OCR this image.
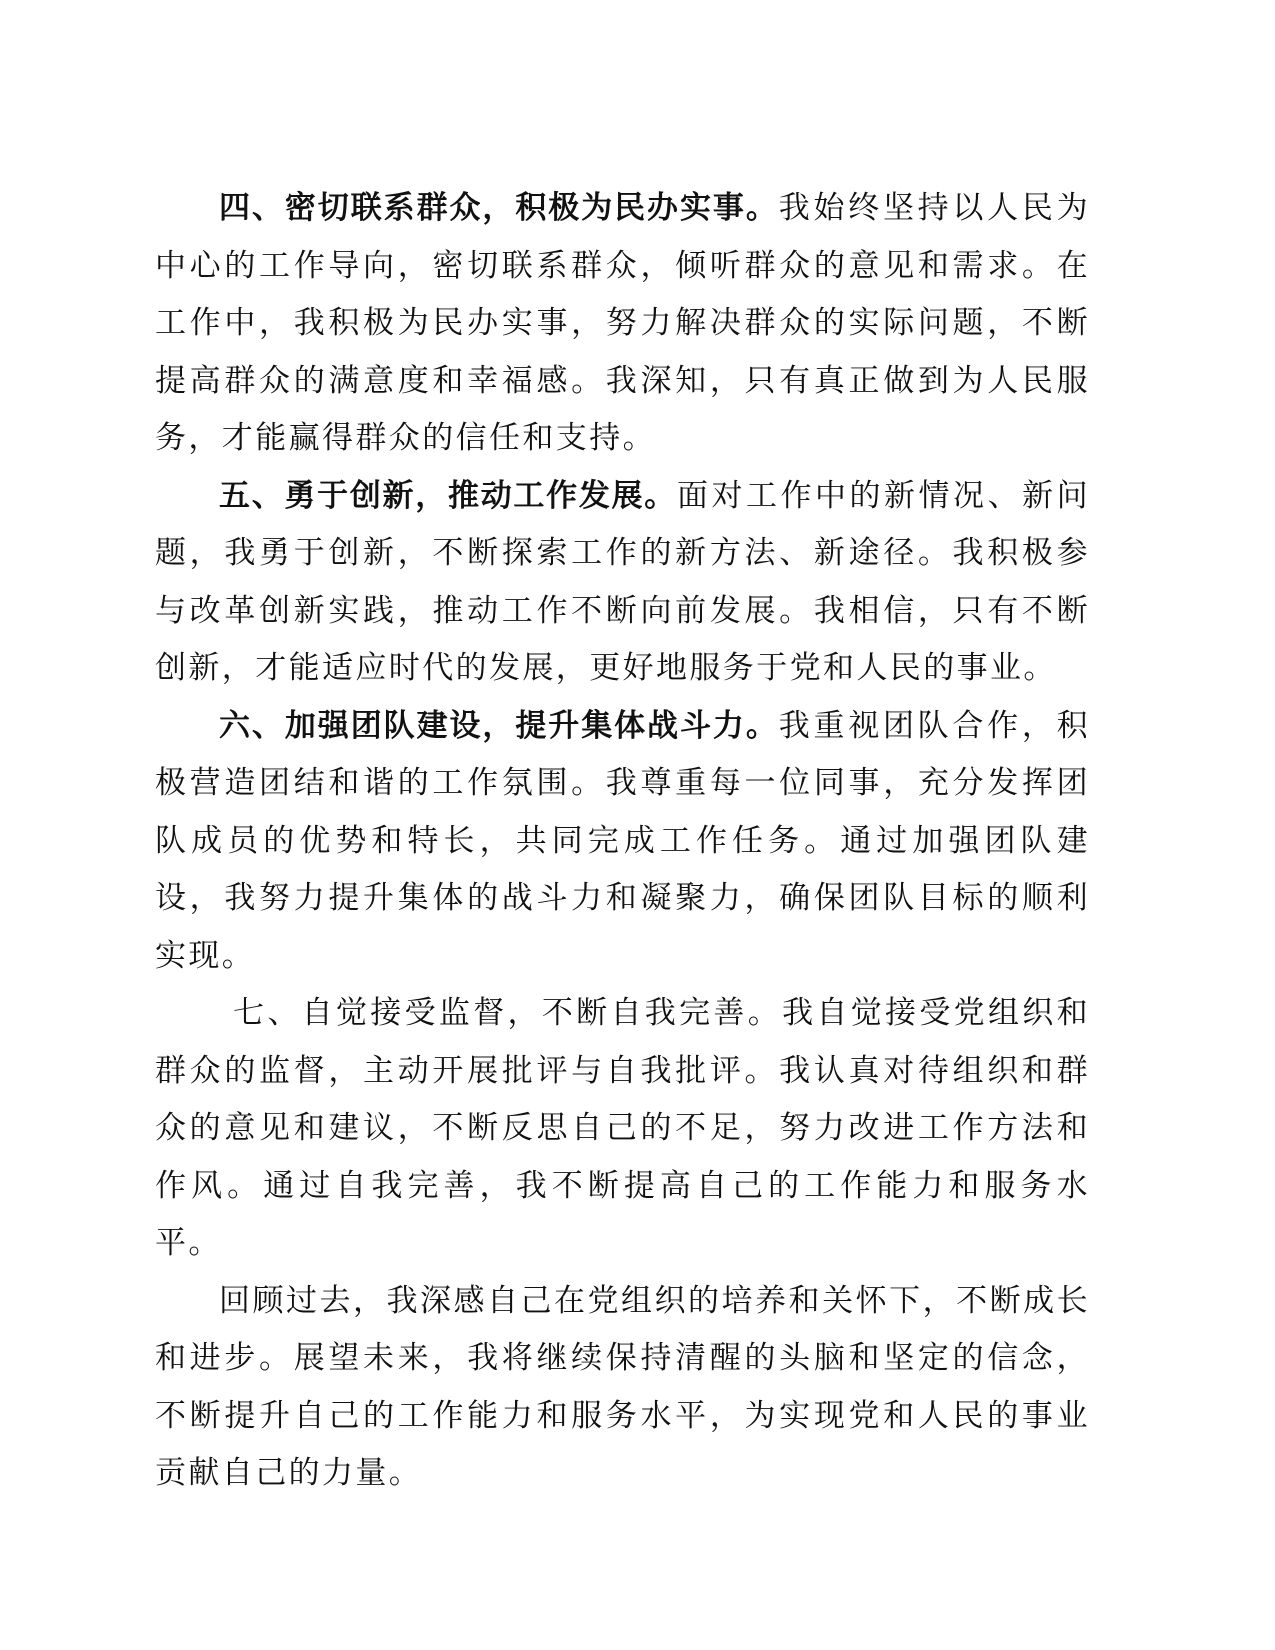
四、密切联系群众，积极为民办实事。我始终坚持以人民为中心的工作导向，密切联系群众，倾听群众的意见和需求。在工作中，我积极为民办实事，努力解决群众的实际问题，不断提高群众的满意度和幸福感。我深知，只有真正做到为人民服务，才能赢得群众的信任和支持。

五、勇于创新，推动工作发展。面对工作中的新情况、新问题，我勇于创新，不断探索工作的新方法、新途径。我积极参与改革创新实践，推动工作不断向前发展。我相信，只有不断创新，才能适应时代的发展，更好地服务于党和人民的事业。

六、加强团队建设，提升集体战斗力。我重视团队合作，积极营造团结和谐的工作氛围。我尊重每一位同事，充分发挥团队成员的优势和特长，共同完成工作任务。通过加强团队建设，我努力提升集体的战斗力和凝聚力，确保团队目标的顺利实现。

七、自觉接受监督，不断自我完善。我自觉接受党组织和群众的监督，主动开展批评与自我批评。我认真对待组织和群众的意见和建议，不断反思自己的不足，努力改进工作方法和作风。通过自我完善，我不断提高自己的工作能力和服务水平。

回顾过去，我深感自己在党组织的培养和关怀下，不断成长和进步。展望未来，我将继续保持清醒的头脑和坚定的信念，不断提升自己的工作能力和服务水平，为实现党和人民的事业贡献自己的力量。
